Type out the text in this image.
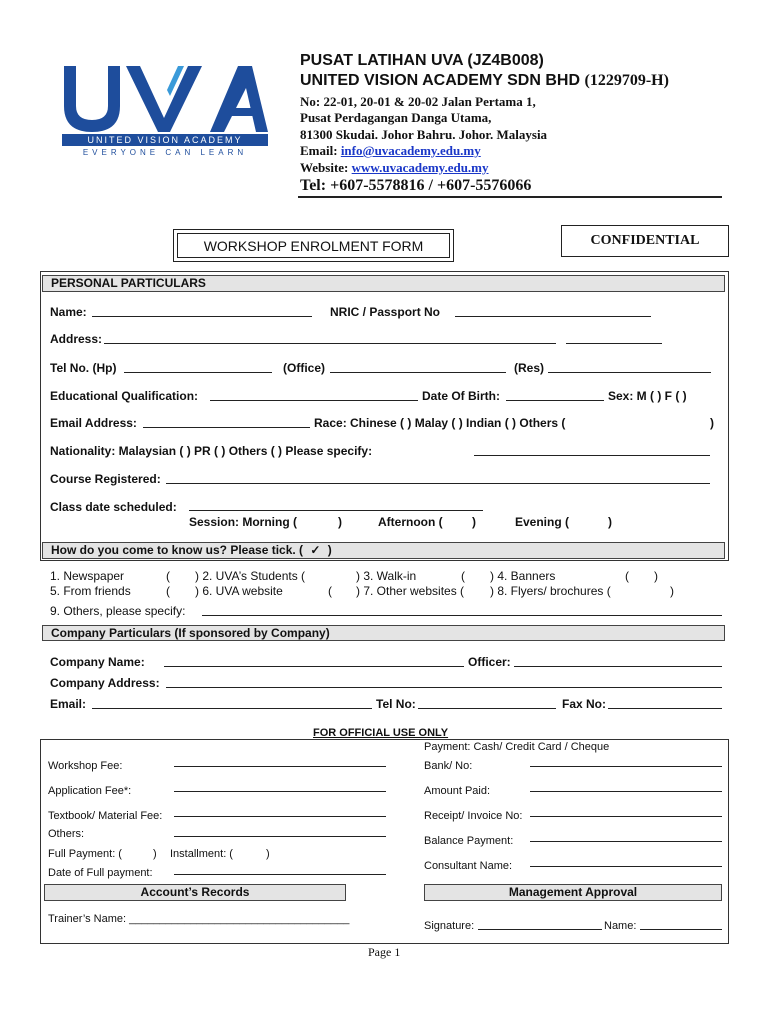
UNITED VISION ACADEMY
EVERYONE CAN LEARN
PUSAT LATIHAN UVA (JZ4B008)
UNITED VISION ACADEMY SDN BHD (1229709-H)
No: 22-01, 20-01 & 20-02 Jalan Pertama 1,
Pusat Perdagangan Danga Utama,
81300 Skudai. Johor Bahru. Johor. Malaysia
Email: info@uvacademy.edu.my
Website: www.uvacademy.edu.my
Tel: +607-5578816 / +607-5576066
WORKSHOP ENROLMENT FORM	CONFIDENTIAL
PERSONAL PARTICULARS
Name:	NRIC / Passport No
Address:
Tel No. (Hp)	(Office)	(Res)
Educational Qualification:	Date Of Birth:	Sex: M ( ) F ( )
Email Address:	Race: Chinese ( ) Malay ( ) Indian ( ) Others (	)
Nationality: Malaysian ( ) PR ( ) Others ( ) Please specify:
Course Registered:
Class date scheduled:
Session: Morning (	)	Afternoon ( )	Evening (	)
How do you come to know us? Please tick. ( ✓ )
1. Newspaper	( ) 2. UVA’s Students (	) 3. Walk-in	( ) 4. Banners	( )
5. From friends	( ) 6. UVA website	( ) 7. Other websites ( ) 8. Flyers/ brochures (	)
9. Others, please specify:
Company Particulars (If sponsored by Company)
Company Name:	Officer:
Company Address:
Email:	Tel No:	Fax No:
FOR OFFICIAL USE ONLY
Payment: Cash/ Credit Card / Cheque
Workshop Fee:	Bank/ No:
Application Fee*:	Amount Paid:
Textbook/ Material Fee:	Receipt/ Invoice No:
Others:
Balance Payment:
Full Payment: (	) Installment: (	)
Consultant Name:
Date of Full payment:
Account’s Records	Management Approval
Trainer’s Name: ____________________________________
Signature:	Name:
Page 1
